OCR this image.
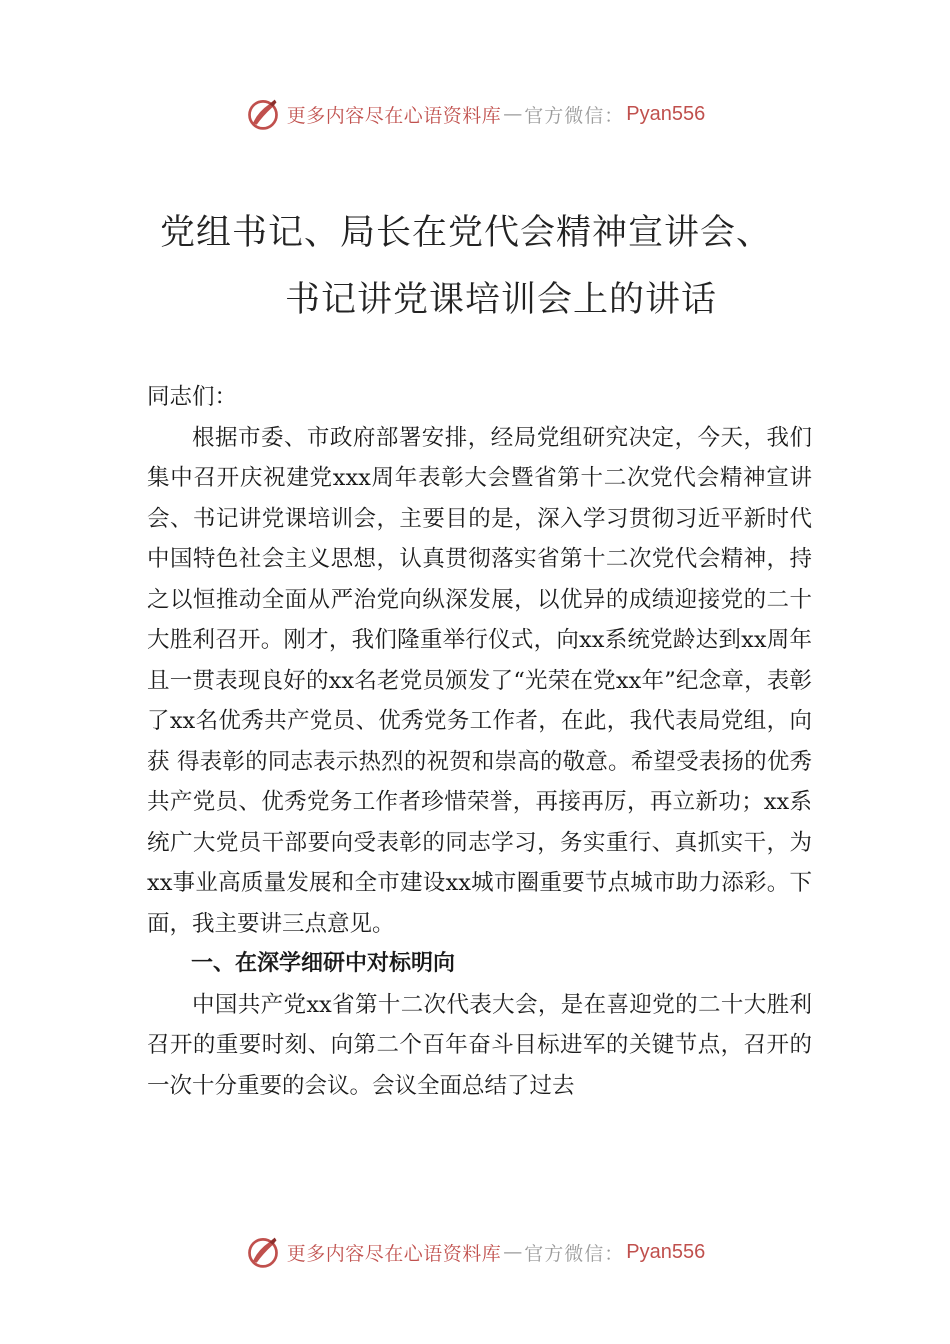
更多内容尽在心语资料库 — 官方微信： Pyan556
党组书记、局长在党代会精神宣讲会、
书记讲党课培训会上的讲话

同志们：

根据市委、市政府部署安排，经局党组研究决定，今天，我们集中召开庆祝建党xxx周年表彰大会暨省第十二次党代会精神宣讲会、书记讲党课培训会，主要目的是，深入学习贯彻习近平新时代中国特色社会主义思想，认真贯彻落实省第十二次党代会精神，持之以恒推动全面从严治党向纵深发展，以优异的成绩迎接党的二十大胜利召开。刚才，我们隆重举行仪式，向xx系统党龄达到xx周年且一贯表现良好的xx名老党员颁发了“光荣在党xx年”纪念章，表彰了xx名优秀共产党员、优秀党务工作者，在此，我代表局党组，向获 得表彰的同志表示热烈的祝贺和崇高的敬意。希望受表扬的优秀共产党员、优秀党务工作者珍惜荣誉，再接再厉，再立新功；xx系统广大党员干部要向受表彰的同志学习，务实重行、真抓实干，为xx事业高质量发展和全市建设xx城市圈重要节点城市助力添彩。下面，我主要讲三点意见。

一、在深学细研中对标明向

中国共产党xx省第十二次代表大会，是在喜迎党的二十大胜利召开的重要时刻、向第二个百年奋斗目标进军的关键节点，召开的一次十分重要的会议。会议全面总结了过去

更多内容尽在心语资料库 — 官方微信： Pyan556
